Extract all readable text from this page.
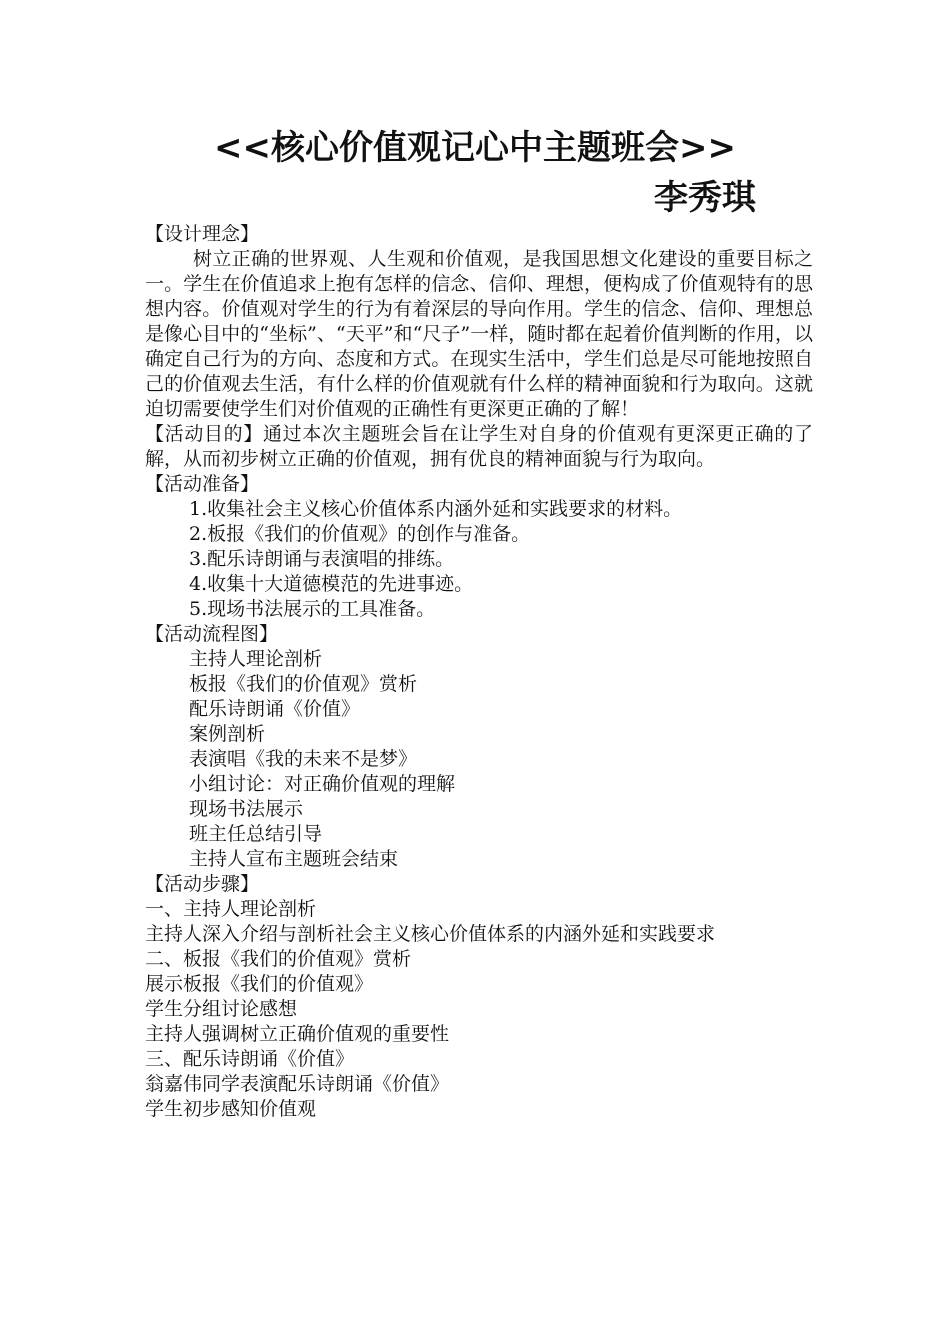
<<核心价值观记心中主题班会>>
李秀琪

【设计理念】

树立正确的世界观、人生观和价值观，是我国思想文化建设的重要目标之一。学生在价值追求上抱有怎样的信念、信仰、理想，便构成了价值观特有的思想内容。价值观对学生的行为有着深层的导向作用。学生的信念、信仰、理想总是像心目中的“坐标”、“天平”和“尺子”一样，随时都在起着价值判断的作用，以确定自己行为的方向、态度和方式。在现实生活中，学生们总是尽可能地按照自己的价值观去生活，有什么样的价值观就有什么样的精神面貌和行为取向。这就迫切需要使学生们对价值观的正确性有更深更正确的了解！

【活动目的】通过本次主题班会旨在让学生对自身的价值观有更深更正确的了解，从而初步树立正确的价值观，拥有优良的精神面貌与行为取向。

【活动准备】

1.收集社会主义核心价值体系内涵外延和实践要求的材料。
2.板报《我们的价值观》的创作与准备。
3.配乐诗朗诵与表演唱的排练。
4.收集十大道德模范的先进事迹。
5.现场书法展示的工具准备。

【活动流程图】

主持人理论剖析
板报《我们的价值观》赏析
配乐诗朗诵《价值》
案例剖析
表演唱《我的未来不是梦》
小组讨论：对正确价值观的理解
现场书法展示
班主任总结引导
主持人宣布主题班会结束

【活动步骤】

一、主持人理论剖析

主持人深入介绍与剖析社会主义核心价值体系的内涵外延和实践要求

二、板报《我们的价值观》赏析

展示板报《我们的价值观》

学生分组讨论感想

主持人强调树立正确价值观的重要性

三、配乐诗朗诵《价值》

翁嘉伟同学表演配乐诗朗诵《价值》

学生初步感知价值观
